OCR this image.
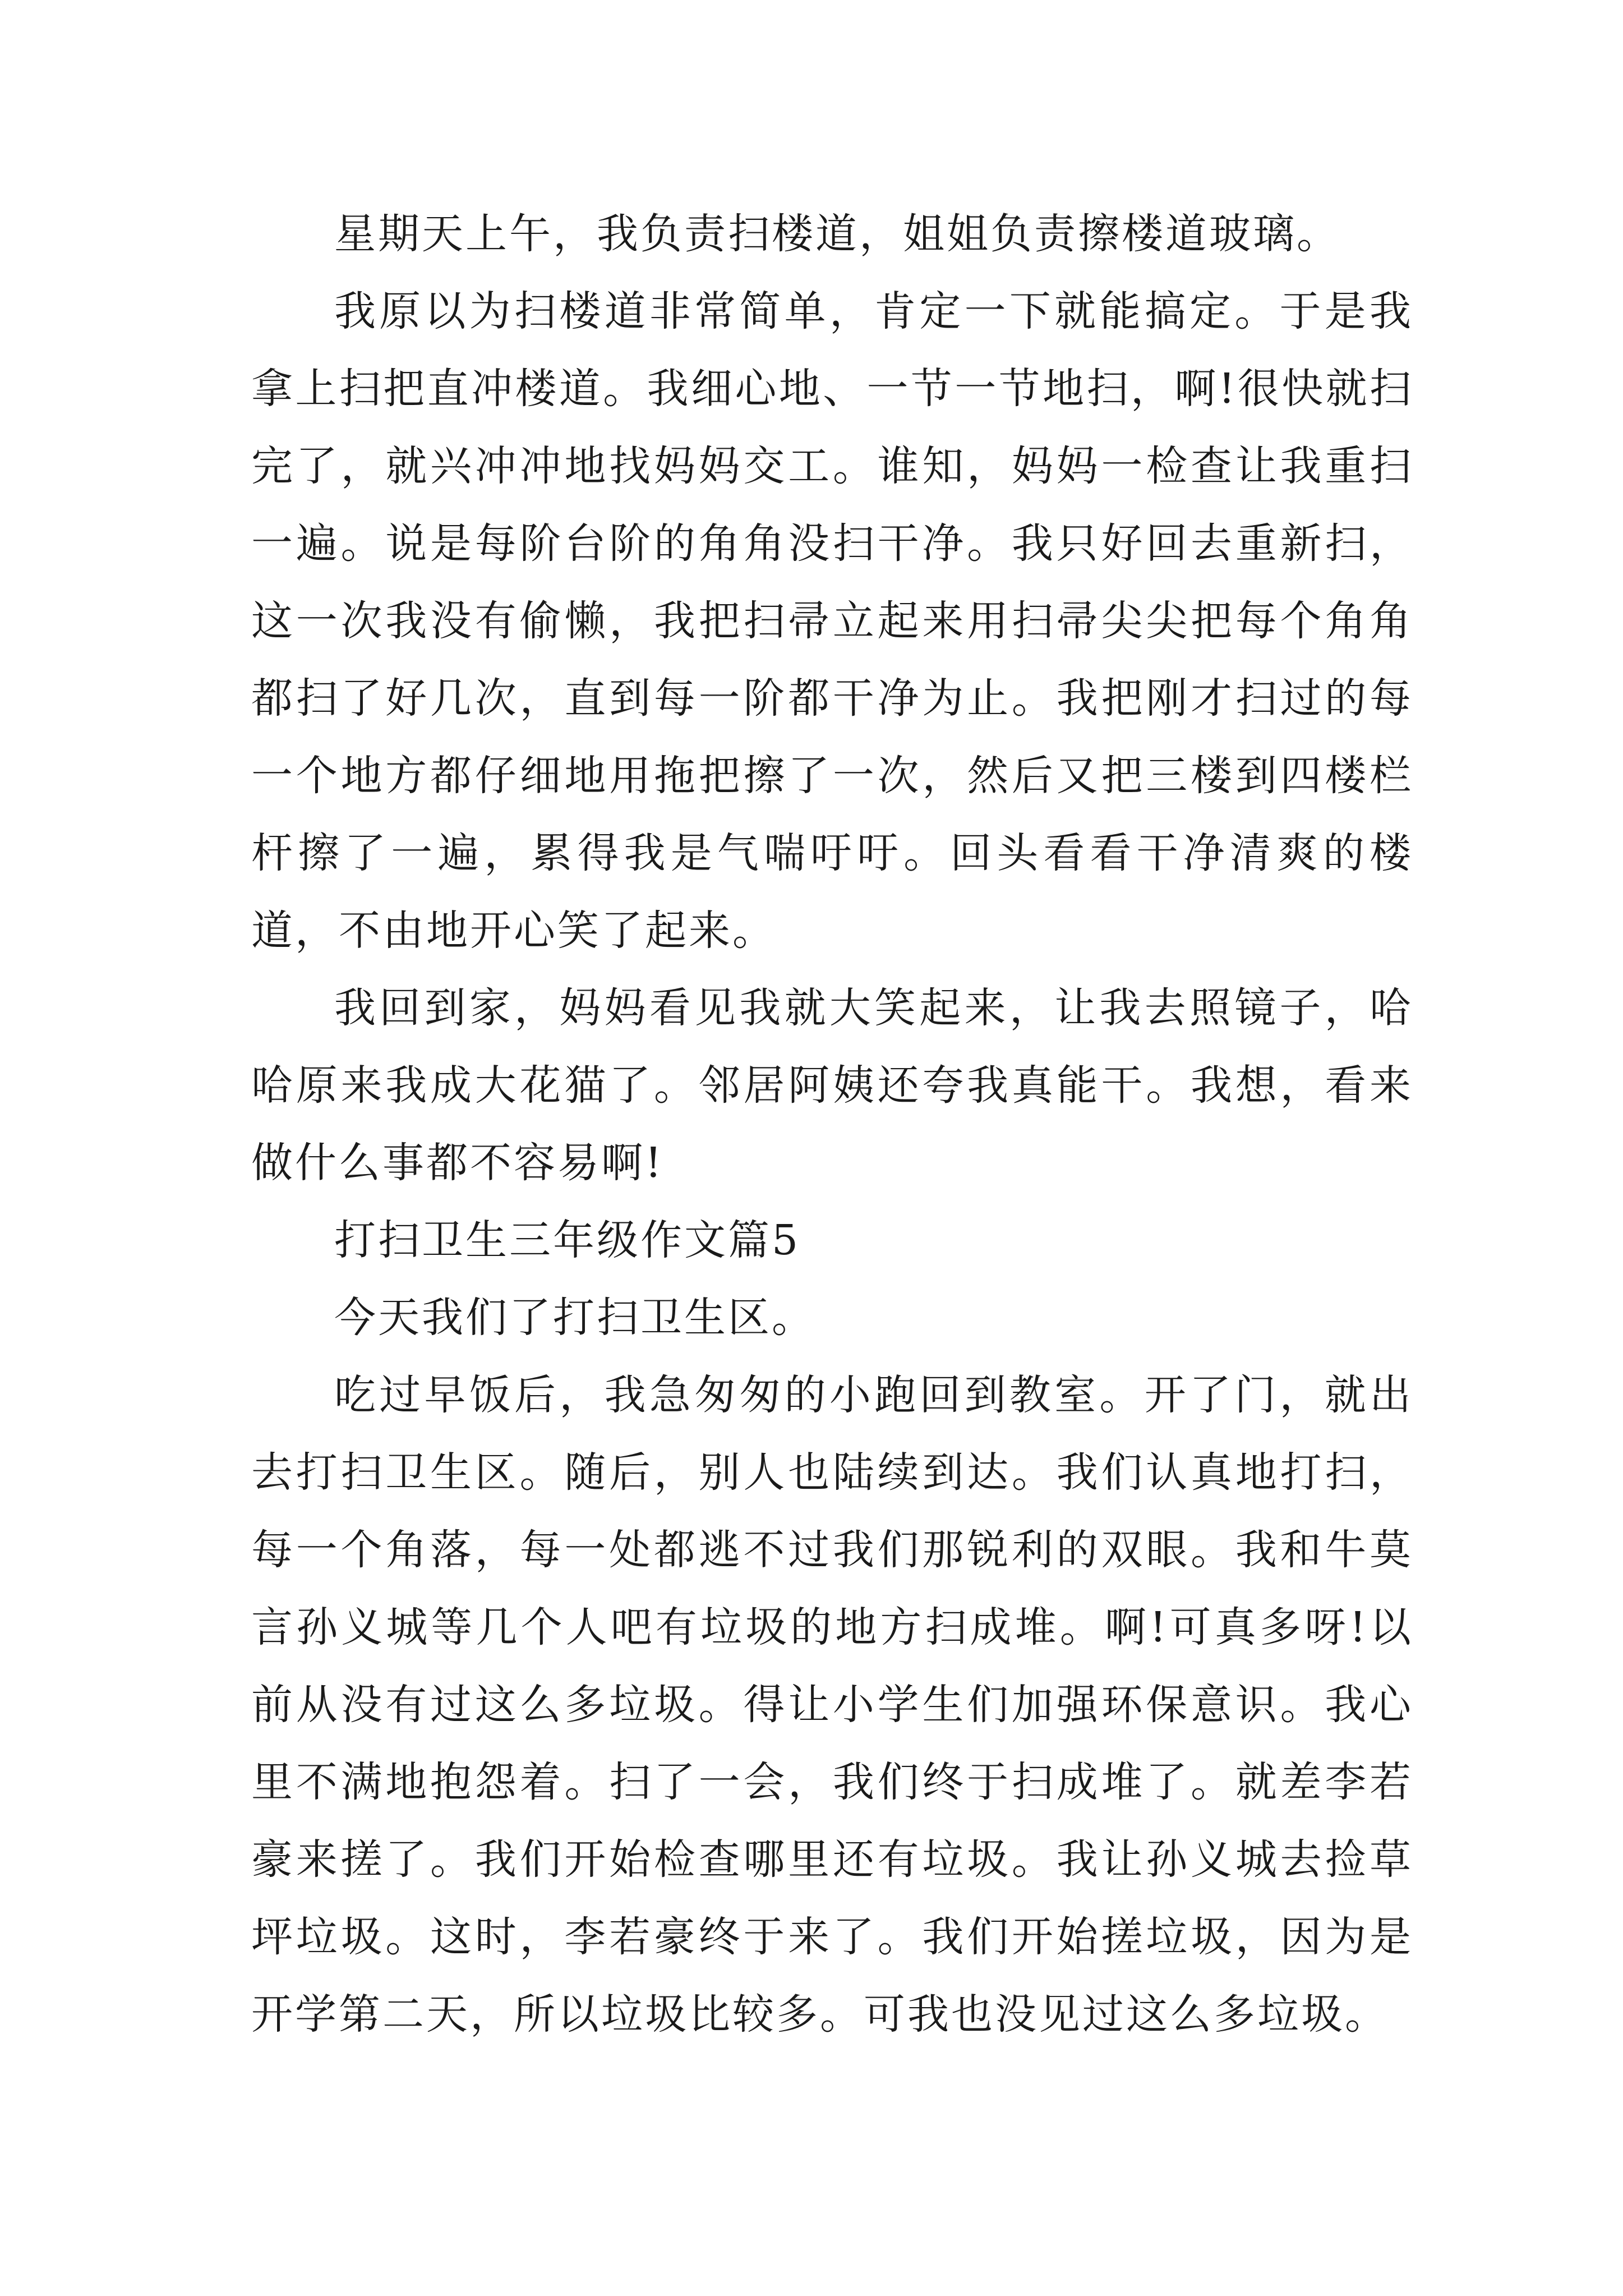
星期天上午，我负责扫楼道，姐姐负责擦楼道玻璃。

我原以为扫楼道非常简单，肯定一下就能搞定。于是我拿上扫把直冲楼道。我细心地、一节一节地扫，啊!很快就扫完了，就兴冲冲地找妈妈交工。谁知，妈妈一检查让我重扫一遍。说是每阶台阶的角角没扫干净。我只好回去重新扫，这一次我没有偷懒，我把扫帚立起来用扫帚尖尖把每个角角都扫了好几次，直到每一阶都干净为止。我把刚才扫过的每一个地方都仔细地用拖把擦了一次，然后又把三楼到四楼栏杆擦了一遍，累得我是气喘吁吁。回头看看干净清爽的楼道，不由地开心笑了起来。

我回到家，妈妈看见我就大笑起来，让我去照镜子，哈哈原来我成大花猫了。邻居阿姨还夸我真能干。我想，看来做什么事都不容易啊!

打扫卫生三年级作文篇5

今天我们了打扫卫生区。

吃过早饭后，我急匆匆的小跑回到教室。开了门，就出去打扫卫生区。随后，别人也陆续到达。我们认真地打扫，每一个角落，每一处都逃不过我们那锐利的双眼。我和牛莫言孙义城等几个人吧有垃圾的地方扫成堆。啊!可真多呀!以前从没有过这么多垃圾。得让小学生们加强环保意识。我心里不满地抱怨着。扫了一会，我们终于扫成堆了。就差李若豪来搓了。我们开始检查哪里还有垃圾。我让孙义城去捡草坪垃圾。这时，李若豪终于来了。我们开始搓垃圾，因为是开学第二天，所以垃圾比较多。可我也没见过这么多垃圾。
